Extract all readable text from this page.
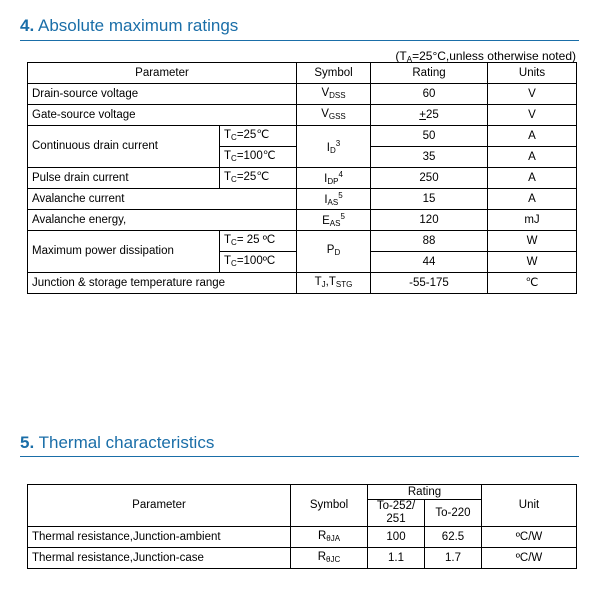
4. Absolute maximum ratings
(TA=25°C,unless otherwise noted)
Parameter		Symbol	Rating	Units
Drain-source voltage		VDSS	60	V
Gate-source voltage		VGSS	+25	V
Continuous drain current	TC=25℃	$ID^3$	50	A
	TC=100℃		35	A
Pulse drain current	TC=25℃	IDP$^4$	250	A
Avalanche current		IAS$^5$	15	A
Avalanche energy,		EAS$^5$	120	mJ
Maximum power dissipation	TC= 25 ºC	PD	88	W
	TC=100ºC		44	W
Junction & storage temperature range		TJ,TSTG	-55-175	℃
5. Thermal characteristics
Parameter	Symbol	Rating		Unit
		To-252/ 251	To-220	
Thermal resistance,Junction-ambient	RθJA	100	62.5	ºC/W
Thermal resistance,Junction-case	RθJC	1.1	1.7	ºC/W
